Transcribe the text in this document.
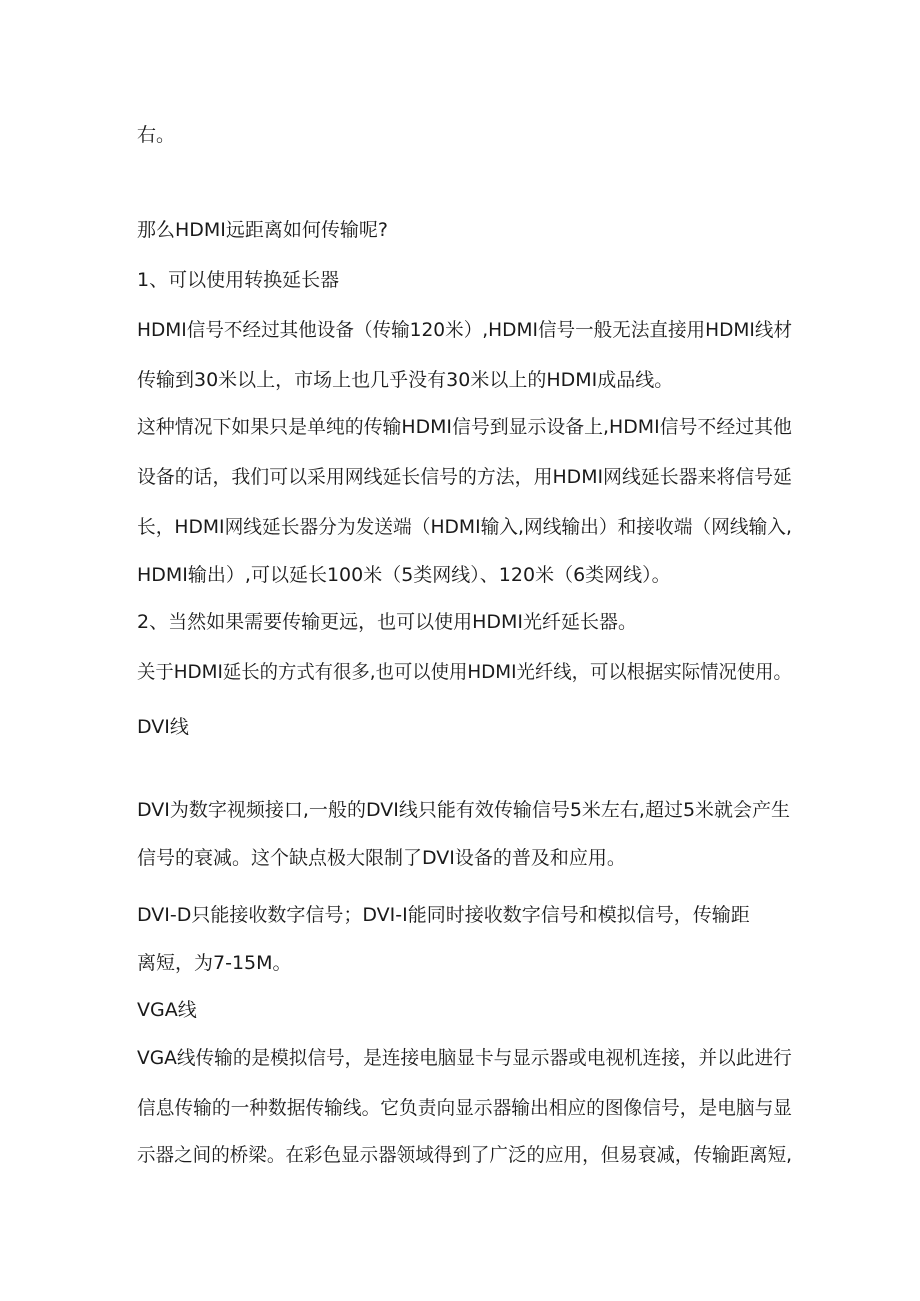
右。
那么HDMI远距离如何传输呢?
1、可以使用转换延长器
HDMI信号不经过其他设备（传输120米）,HDMI信号一般无法直接用HDMI线材
传输到30米以上，市场上也几乎没有30米以上的HDMI成品线。
这种情况下如果只是单纯的传输HDMI信号到显示设备上,HDMI信号不经过其他
设备的话，我们可以采用网线延长信号的方法，用HDMI网线延长器来将信号延
长，HDMI网线延长器分为发送端（HDMI输入,网线输出）和接收端（网线输入,
HDMI输出）,可以延长100米（5类网线）、120米（6类网线）。
2、当然如果需要传输更远，也可以使用HDMI光纤延长器。
关于HDMI延长的方式有很多,也可以使用HDMI光纤线，可以根据实际情况使用。
DVI线
DVI为数字视频接口,一般的DVI线只能有效传输信号5米左右,超过5米就会产生
信号的衰减。这个缺点极大限制了DVI设备的普及和应用。
DVI-D只能接收数字信号；DVI-I能同时接收数字信号和模拟信号，传输距
离短，为7-15M。
VGA线
VGA线传输的是模拟信号，是连接电脑显卡与显示器或电视机连接，并以此进行
信息传输的一种数据传输线。它负责向显示器输出相应的图像信号，是电脑与显
示器之间的桥梁。在彩色显示器领域得到了广泛的应用，但易衰减，传输距离短,
